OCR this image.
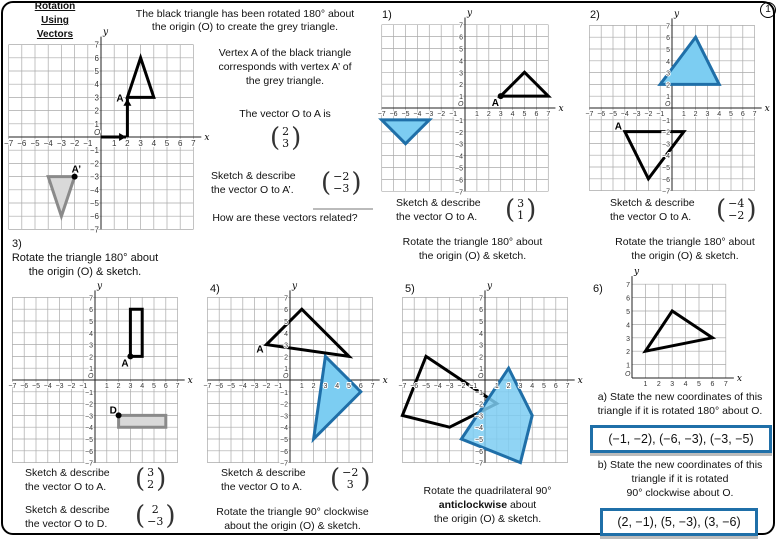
x
y
−7 −6 −5 −4 −3 −2 −1 1 2 3 4 5 6 7
−7
−6
−5
−4
−3
−2
−1
1
2
3
4
5
6
7
O
x
y
−7 −6 −5 −4 −3 −2 −1	1 2 3 4 5 6 7
−7
−6
−5
−4
−3
−2
−1
1
2
3
4
5
6
7
O	x
y
−7 −6 −5 −4 −3 −2 −1	1 2 3 4 5 6 7
−7
−6
−5
−4
−3
−2
−1
1
2
3
4
5
6
7
O
x
y
−7 −6 −5 −4 −3 −2 −1	1 2 3 4 5 6 7
−7
−6
−5
−4
−3
−2
−1
1
2
3
4
5
6
7
O	x
y
−7 −6 −5 −4 −3 −2 −1	1 2 3 4 5 6 7
−7
−6
−5
−4
−3
−2
−1
1
2
3
4
5
6
7
O	x
y
−7 −6 −5 −4 −3 −2 −1	1 2 3 4 5 6 7
−7
−6
−5
−4
−3
−2
−1
1
2
3
4
5
6
7
O	x
y
1 2 3 4 5 6 7
1
2
3
4
5
6
7
O
A
A’
A
A
A
D
A
1
Rotation Using Vectors
The black triangle has been rotated 180° about
the origin (O) to create the grey triangle.
Vertex A of the black triangle
corresponds with vertex A’ of
the grey triangle.
The vector O to A is
( 2
3 )
Sketch & describe
the vector O to A’. ( −2
−3 )
How are these vectors related?
1)
Sketch & describe
the vector O to A. ( 3
1 )
Rotate the triangle 180° about
the origin (O) & sketch.
2)
Sketch & describe
the vector O to A. ( −4
−2 )
Rotate the triangle 180° about
the origin (O) & sketch.
3)
Rotate the triangle 180° about
the origin (O) & sketch.
Sketch & describe
the vector O to A. ( 3
2 )
Sketch & describe
the vector O to D. ( 2
−3 )
4)
Sketch & describe
the vector O to A. ( −2
3 )
Rotate the triangle 90° clockwise
about the origin (O) & sketch.
5)
Rotate the quadrilateral 90°
anticlockwise about
the origin (O) & sketch.
6)
a) State the new coordinates of this
triangle if it is rotated 180° about O.
(−1, −2), (−6, −3), (−3, −5)
b) State the new coordinates of this
triangle if it is rotated
90° clockwise about O.
(2, −1), (5, −3), (3, −6)
